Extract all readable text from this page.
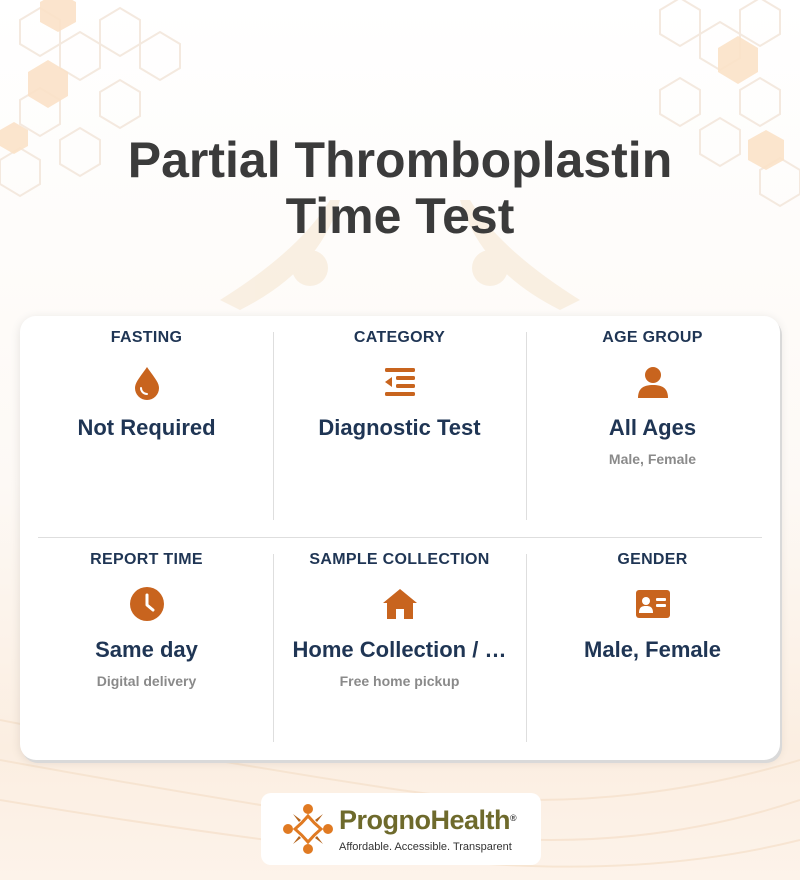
Partial Thromboplastin
Time Test
FASTING
Not Required
CATEGORY
Diagnostic Test
AGE GROUP
All Ages
Male, Female
REPORT TIME
Same day
Digital delivery
SAMPLE COLLECTION
Home Collection / …
Free home pickup
GENDER
Male, Female
PrognoHealth®
Affordable. Accessible. Transparent
